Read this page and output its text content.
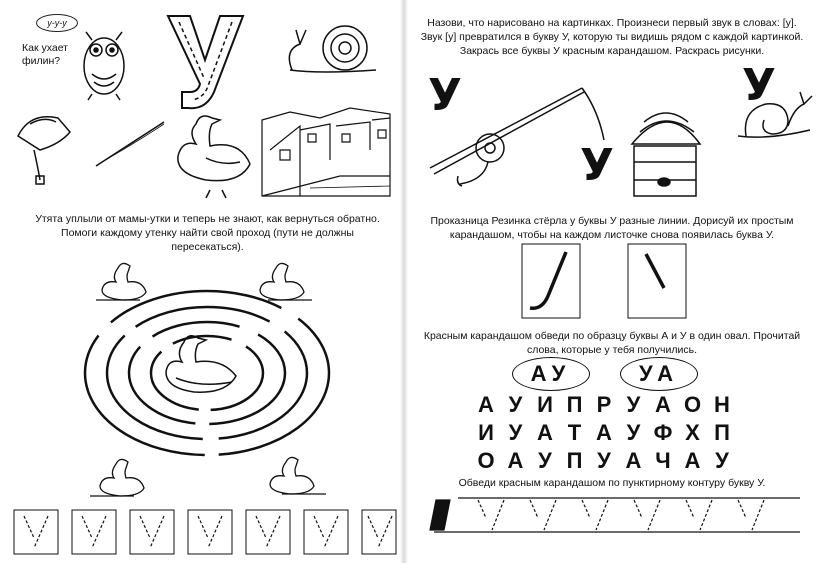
у-у-у
Как ухает филин?
Утята уплыли от мамы-утки и теперь не знают, как вернуться обратно. Помоги каждому утенку найти свой проход (пути не должны пересекаться).
Назови, что нарисовано на картинках. Произнеси первый звук в словах: [у]. Звук [у] превратился в букву У, которую ты видишь рядом с каждой картинкой. Закрась все буквы У красным карандашом. Раскрась рисунки.
У
У
У
Проказница Резинка стёрла у буквы У разные линии. Дорисуй их простым карандашом, чтобы на каждом листочке снова появилась буква У.
Красным карандашом обведи по образцу буквы А и У в один овал. Прочитай слова, которые у тебя получились.
АУ	УА
А У И П Р У А О Н
И У А Т А У Ф Х П
О А У П У А Ч А У
Обведи красным карандашом по пунктирному контуру букву У.
